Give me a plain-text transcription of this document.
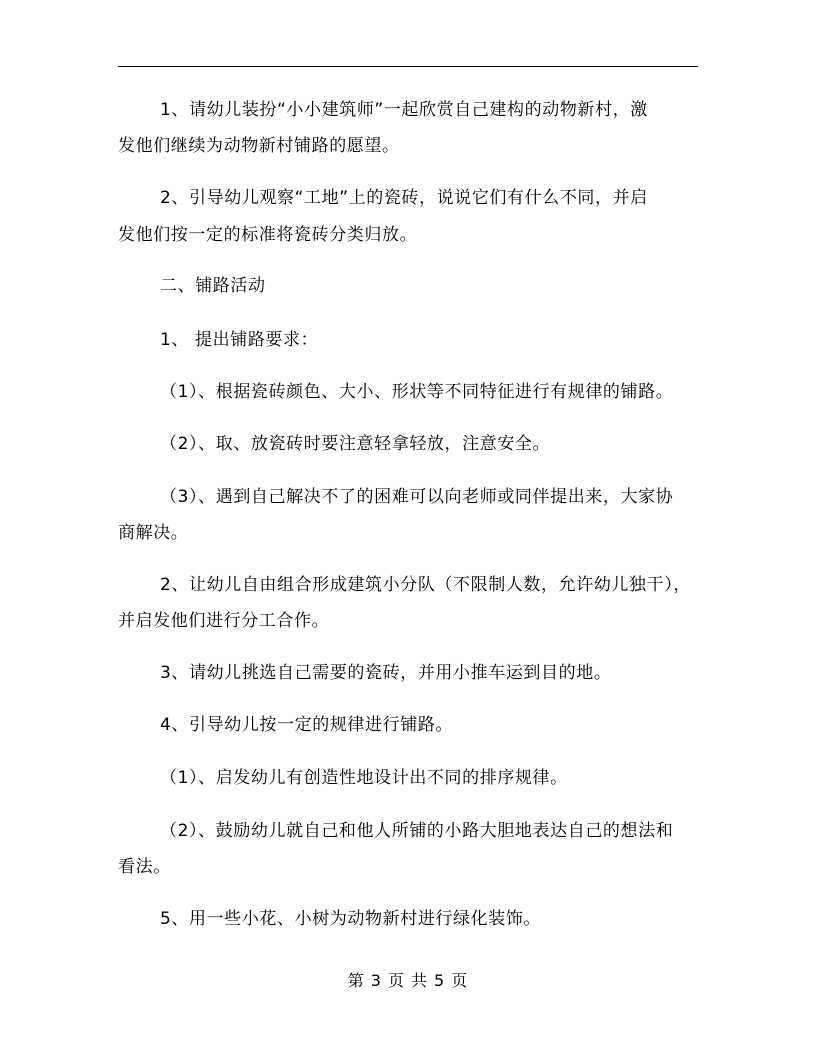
1、请幼儿装扮“小小建筑师”一起欣赏自己建构的动物新村，激
发他们继续为动物新村铺路的愿望。
2、引导幼儿观察“工地”上的瓷砖，说说它们有什么不同，并启
发他们按一定的标准将瓷砖分类归放。
二、铺路活动
1、 提出铺路要求：
（1）、根据瓷砖颜色、大小、形状等不同特征进行有规律的铺路。
（2）、取、放瓷砖时要注意轻拿轻放，注意安全。
（3）、遇到自己解决不了的困难可以向老师或同伴提出来，大家协
商解决。
2、让幼儿自由组合形成建筑小分队（不限制人数，允许幼儿独干），
并启发他们进行分工合作。
3、请幼儿挑选自己需要的瓷砖，并用小推车运到目的地。
4、引导幼儿按一定的规律进行铺路。
（1）、启发幼儿有创造性地设计出不同的排序规律。
（2）、鼓励幼儿就自己和他人所铺的小路大胆地表达自己的想法和
看法。
5、用一些小花、小树为动物新村进行绿化装饰。
第 3 页 共 5 页
